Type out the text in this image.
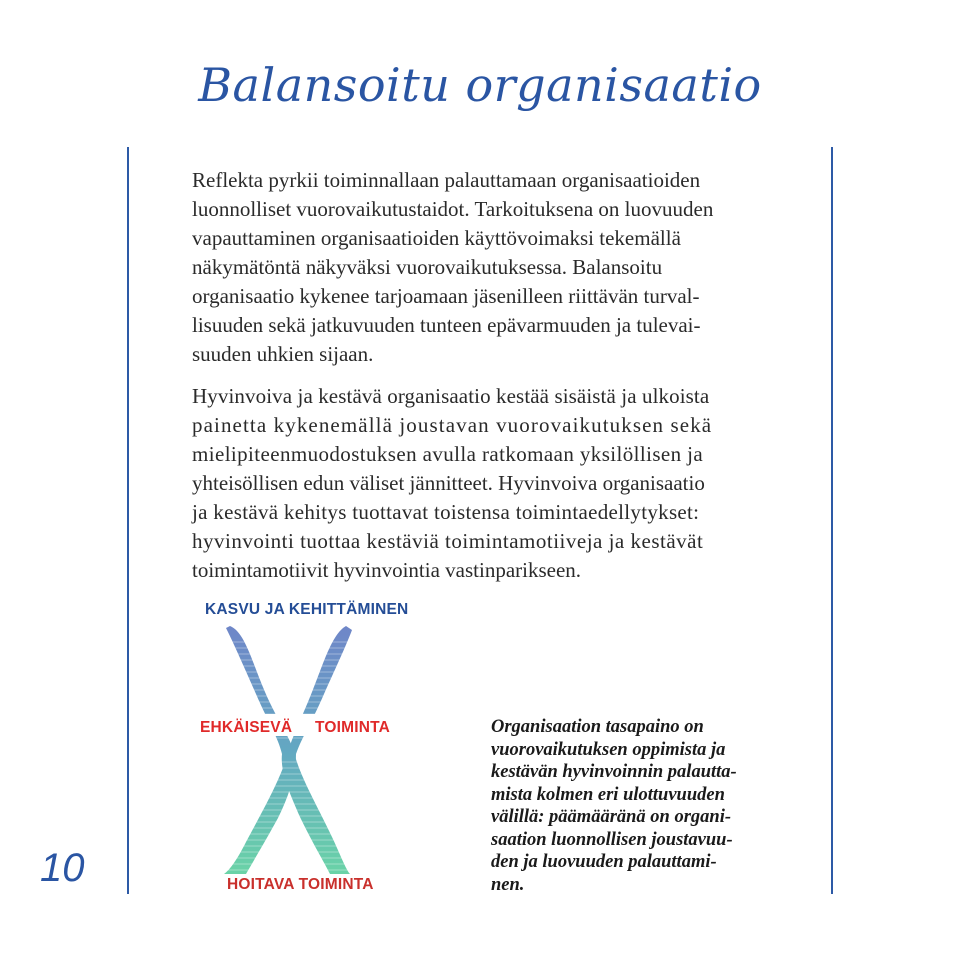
Balansoitu organisaatio

Reflekta pyrkii toiminnallaan palauttamaan organisaatioiden
luonnolliset vuorovaikutustaidot. Tarkoituksena on luovuuden
vapauttaminen organisaatioiden käyttövoimaksi tekemällä
näkymätöntä näkyväksi vuorovaikutuksessa. Balansoitu
organisaatio kykenee tarjoamaan jäsenilleen riittävän turval-
lisuuden sekä jatkuvuuden tunteen epävarmuuden ja tulevai-
suuden uhkien sijaan.

Hyvinvoiva ja kestävä organisaatio kestää sisäistä ja ulkoista
painetta kykenemällä joustavan vuorovaikutuksen sekä
mielipiteenmuodostuksen avulla ratkomaan yksilöllisen ja
yhteisöllisen edun väliset jännitteet. Hyvinvoiva organisaatio
ja kestävä kehitys tuottavat toistensa toimintaedellytykset:
hyvinvointi tuottaa kestäviä toimintamotiiveja ja kestävät
toimintamotiivit hyvinvointia vastinparikseen.

KASVU JA KEHITTÄMINEN
EHKÄISEVÄ TOIMINTA
HOITAVA TOIMINTA

Organisaation tasapaino on
vuorovaikutuksen oppimista ja
kestävän hyvinvoinnin palautta-
mista kolmen eri ulottuvuuden
välillä: päämääränä on organi-
saation luonnollisen joustavuu-
den ja luovuuden palauttami-
nen.

10
